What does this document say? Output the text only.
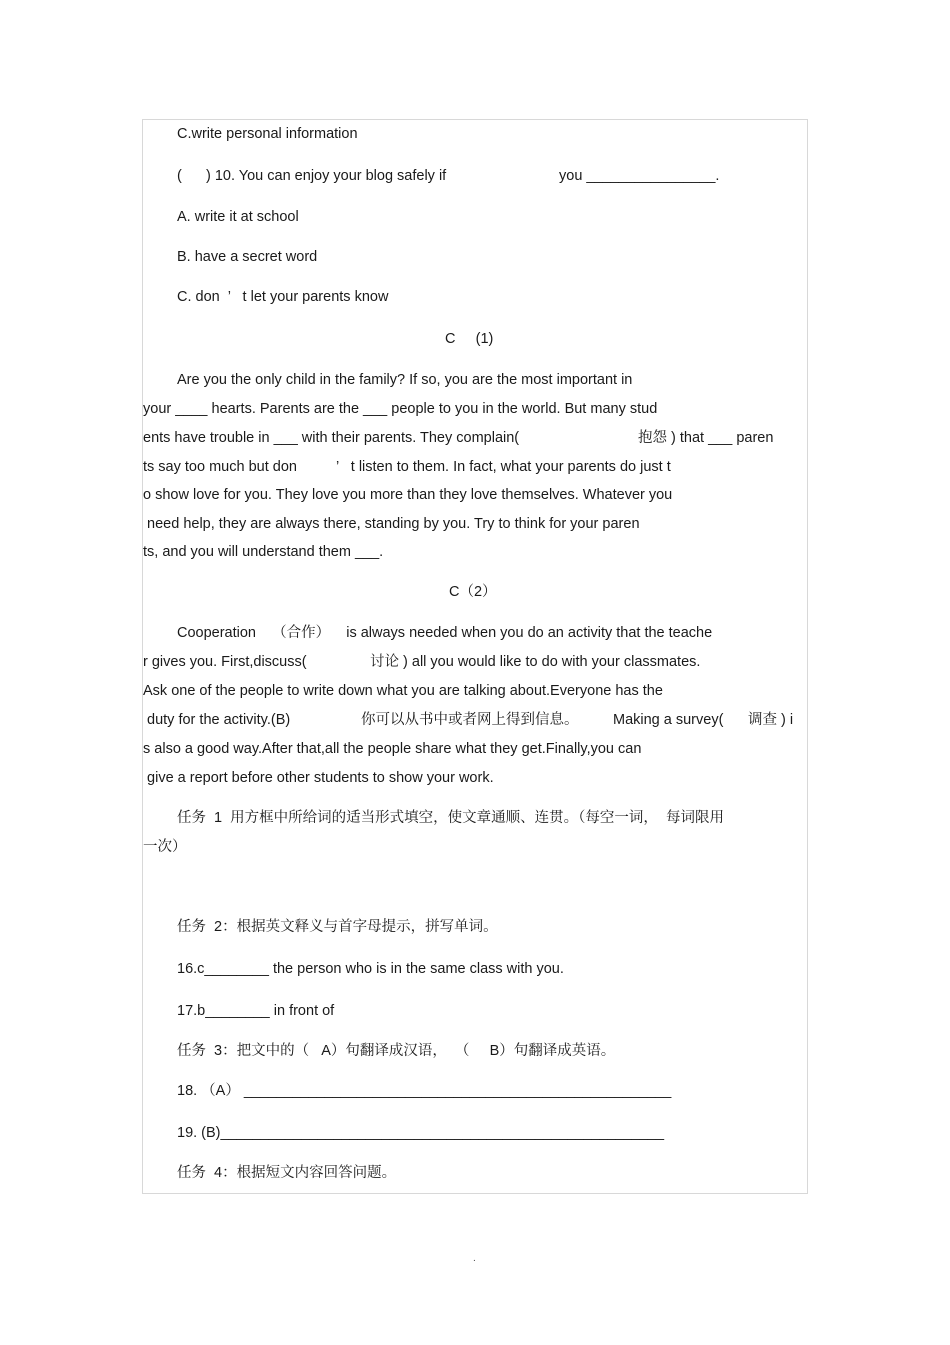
C.write personal information
(      ) 10. You can enjoy your blog safely if	you ________________.
A. write it at school
B. have a secret word
C. don  ’   t let your parents know
C     (1)
Are you the only child in the family? If so, you are the most important in
your ____ hearts. Parents are the ___ people to you in the world. But many stud
ents have trouble in ___ with their parents. They complain(	抱怨 ) that ___ paren
ts say too much but don	’   t listen to them. In fact, what your parents do just t
o show love for you. They love you more than they love themselves. Whatever you
need help, they are always there, standing by you. Try to think for your paren
ts, and you will understand them ___.
C（2）
Cooperation    （合作）    is always needed when you do an activity that the teache
r gives you. First,discuss(	讨论 ) all you would like to do with your classmates.
Ask one of the people to write down what you are talking about.Everyone has the
duty for the activity.(B)	你可以从书中或者网上得到信息。 Making a survey( 调查 ) i
s also a good way.After that,all the people share what they get.Finally,you can
give a report before other students to show your work.
任务  1  用方框中所给词的适当形式填空，使文章通顺、连贯。（每空一词，  每词限用
一次）
任务  2：根据英文释义与首字母提示，拼写单词。
16.c________ the person who is in the same class with you.
17.b________ in front of
任务  3：把文中的（   A）句翻译成汉语，  （     B）句翻译成英语。
18. （A） _____________________________________________________
19. (B)_______________________________________________________
任务  4：根据短文内容回答问题。
.
